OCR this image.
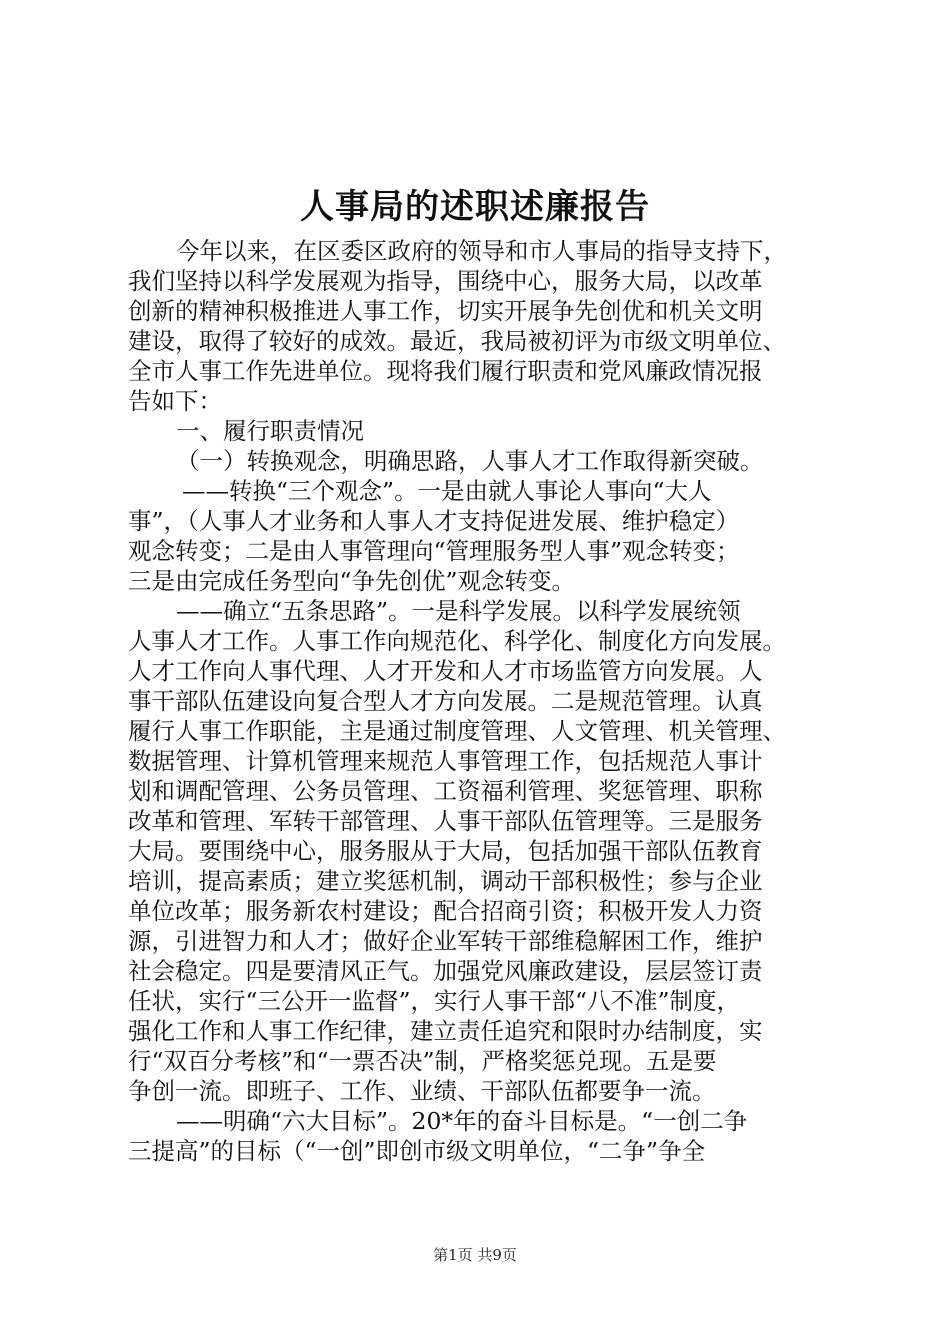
人事局的述职述廉报告
今年以来，在区委区政府的领导和市人事局的指导支持下，
我们坚持以科学发展观为指导，围绕中心，服务大局，以改革
创新的精神积极推进人事工作，切实开展争先创优和机关文明
建设，取得了较好的成效。最近，我局被初评为市级文明单位、
全市人事工作先进单位。现将我们履行职责和党风廉政情况报
告如下：
一、履行职责情况
（一）转换观念，明确思路，人事人才工作取得新突破。
——转换“三个观念”。一是由就人事论人事向“大人
事”，（人事人才业务和人事人才支持促进发展、维护稳定）
观念转变；二是由人事管理向“管理服务型人事”观念转变；
三是由完成任务型向“争先创优”观念转变。
——确立“五条思路”。一是科学发展。以科学发展统领
人事人才工作。人事工作向规范化、科学化、制度化方向发展。
人才工作向人事代理、人才开发和人才市场监管方向发展。人
事干部队伍建设向复合型人才方向发展。二是规范管理。认真
履行人事工作职能，主是通过制度管理、人文管理、机关管理、
数据管理、计算机管理来规范人事管理工作，包括规范人事计
划和调配管理、公务员管理、工资福利管理、奖惩管理、职称
改革和管理、军转干部管理、人事干部队伍管理等。三是服务
大局。要围绕中心，服务服从于大局，包括加强干部队伍教育
培训，提高素质；建立奖惩机制，调动干部积极性；参与企业
单位改革；服务新农村建设；配合招商引资；积极开发人力资
源，引进智力和人才；做好企业军转干部维稳解困工作，维护
社会稳定。四是要清风正气。加强党风廉政建设，层层签订责
任状，实行“三公开一监督”，实行人事干部“八不准”制度，
强化工作和人事工作纪律，建立责任追究和限时办结制度，实
行“双百分考核”和“一票否决”制，严格奖惩兑现。五是要
争创一流。即班子、工作、业绩、干部队伍都要争一流。
——明确“六大目标”。20*年的奋斗目标是。“一创二争
三提高”的目标（“一创”即创市级文明单位，“二争”争全
第1页 共9页
